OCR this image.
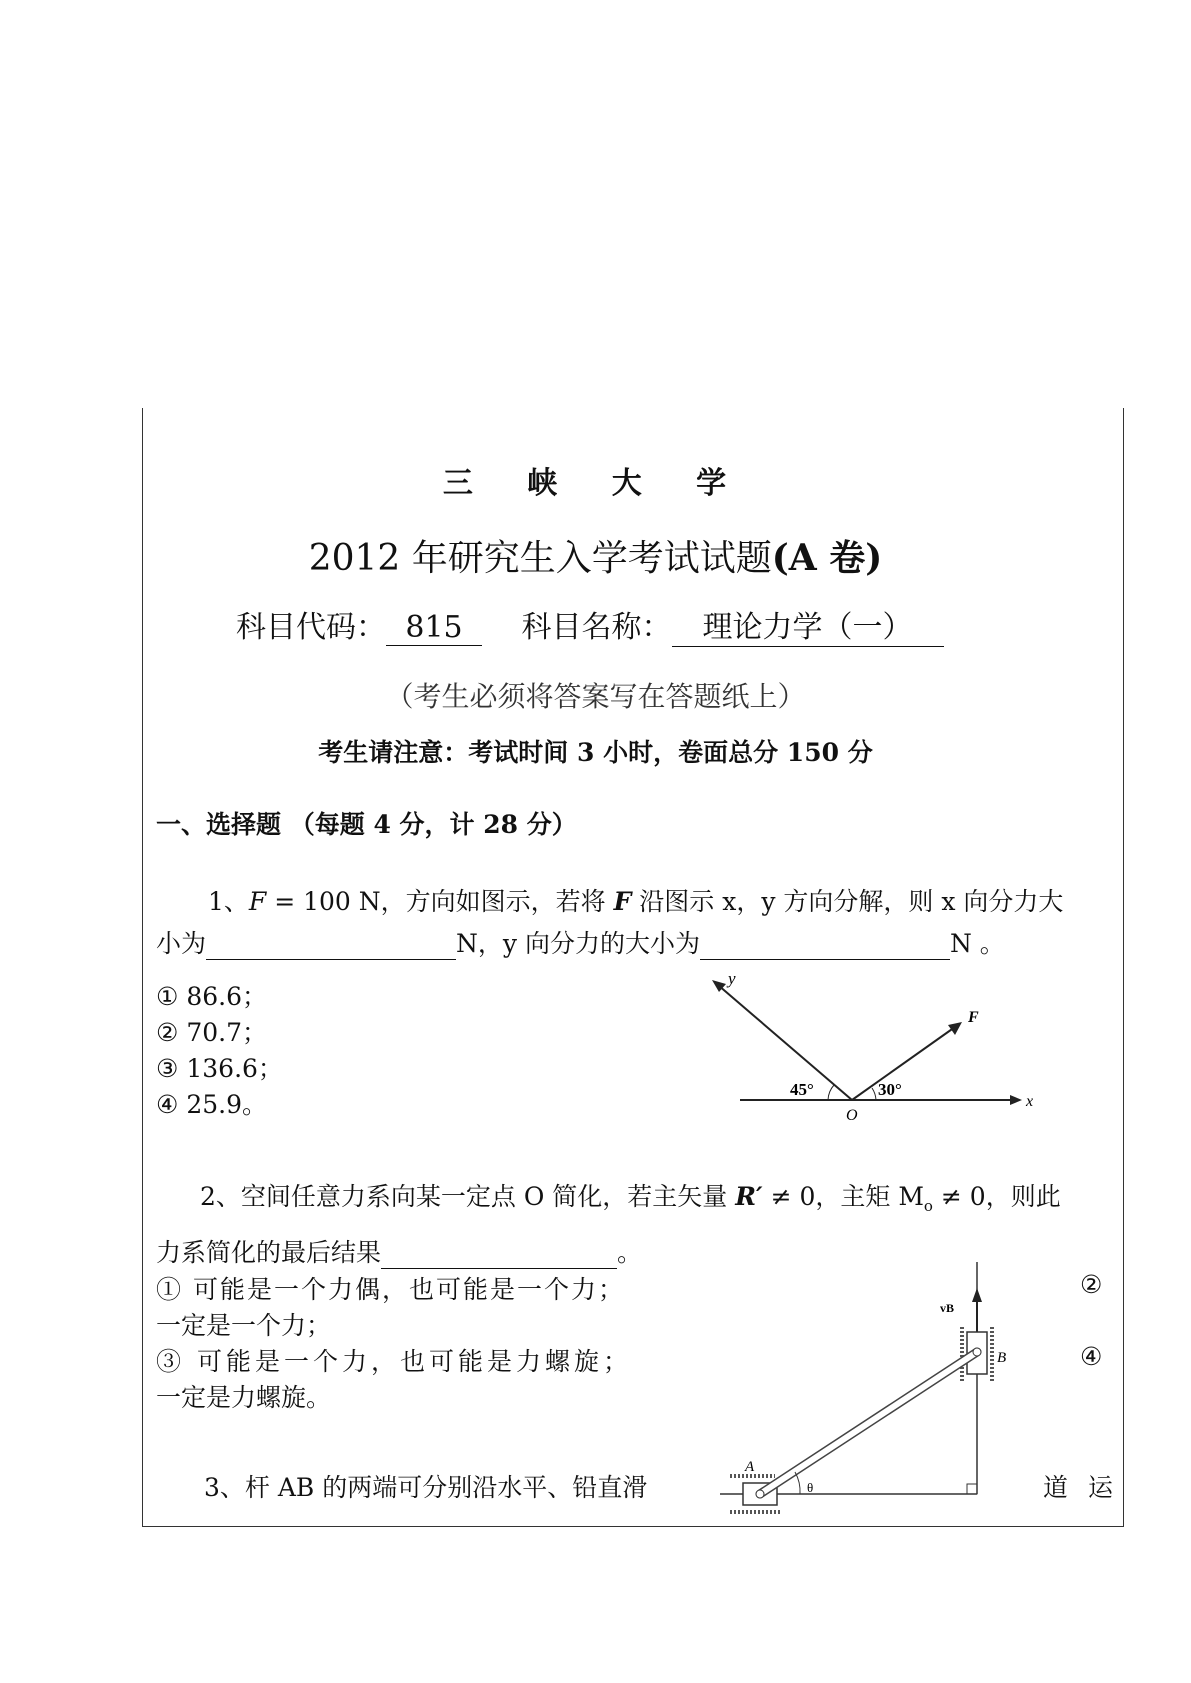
三 峡 大 学
2012 年研究生入学考试试题(A 卷)
科目代码： 815 科目名称： 理论力学（一）
（考生必须将答案写在答题纸上）
考生请注意：考试时间 3 小时，卷面总分 150 分
一、选择题 （每题 4 分，计 28 分）
1、F = 100 N，方向如图示，若将 F 沿图示 x，y 方向分解，则 x 向分力大
小为	N，y 向分力的大小为	N 。
① 86.6；
② 70.7；
③ 136.6；
④ 25.9。
y
F
x
O
45°	30°
2、空间任意力系向某一定点 O 简化，若主矢量 R′ ≠ 0，主矩 $M_o \ne 0$，则此
力系简化的最后结果	。
① 可能是一个力偶，也可能是一个力；	②
一定是一个力；
③ 可能是一个力，也可能是力螺旋；	④
一定是力螺旋。
3、杆 AB 的两端可分别沿水平、铅直滑	道 运
A
B
vB
θ
